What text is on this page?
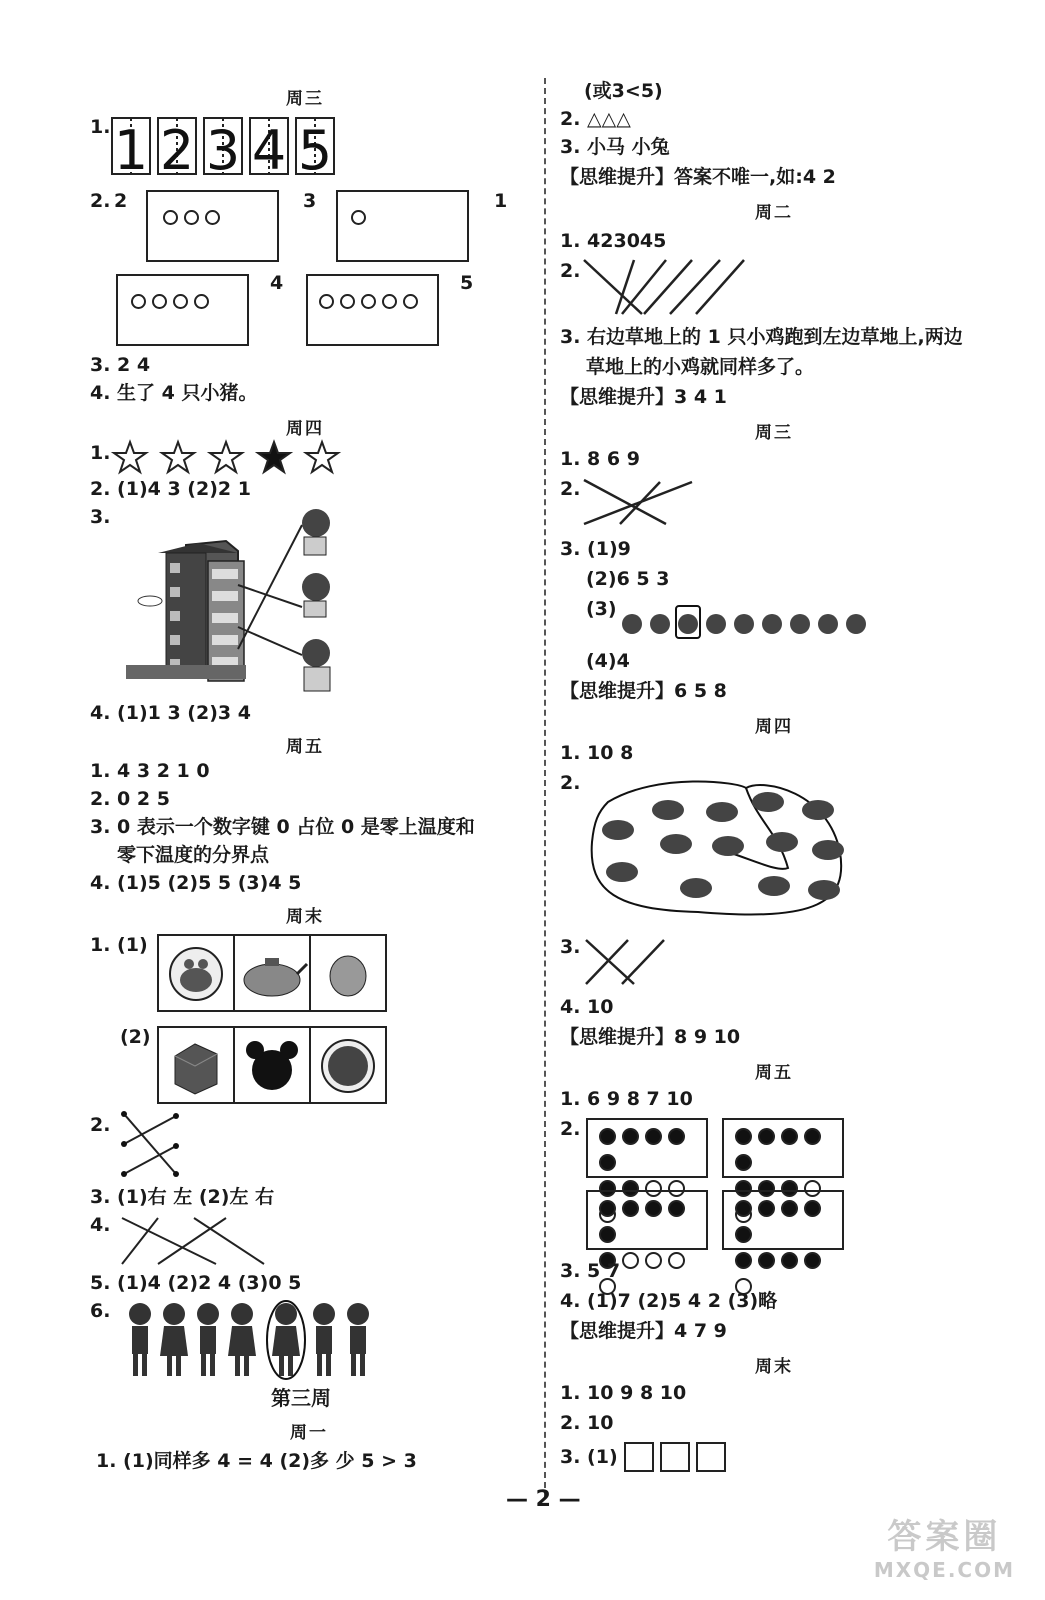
周三
1. 1 2 3 4 5
2. 2	3	1
4	5
3. 2 4
4. 生了 4 只小猪。
周四
1.
2. (1)4 3 (2)2 1
3.
4. (1)1 3 (2)3 4
周五
1. 4 3 2 1 0
2. 0 2 5
3. 0 表示一个数字键 0 占位 0 是零上温度和
零下温度的分界点
4. (1)5 (2)5 5 (3)4 5
周末
1. (1)
(2)
2.
3. (1)右 左 (2)左 右
4.
5. (1)4 (2)2 4 (3)0 5
6.
第三周
周一
1. (1)同样多 4 = 4 (2)多 少 5 > 3
(或3<5)
2. △△△
3. 小马 小兔
【思维提升】答案不唯一,如:4 2
周二
1. 423045
2.
3. 右边草地上的 1 只小鸡跑到左边草地上,两边
草地上的小鸡就同样多了。
【思维提升】3 4 1
周三
1. 8 6 9
2.
3. (1)9
(2)6 5 3
(3)
(4)4
【思维提升】6 5 8
周四
1. 10 8
2.
3.
4. 10
【思维提升】8 9 10
周五
1. 6 9 8 7 10
2.

3. 5 7
4. (1)7 (2)5 4 2 (3)略
【思维提升】4 7 9
周末
1. 10 9 8 10
2. 10
3. (1)
— 2 —
答案圈
MXQE.COM
